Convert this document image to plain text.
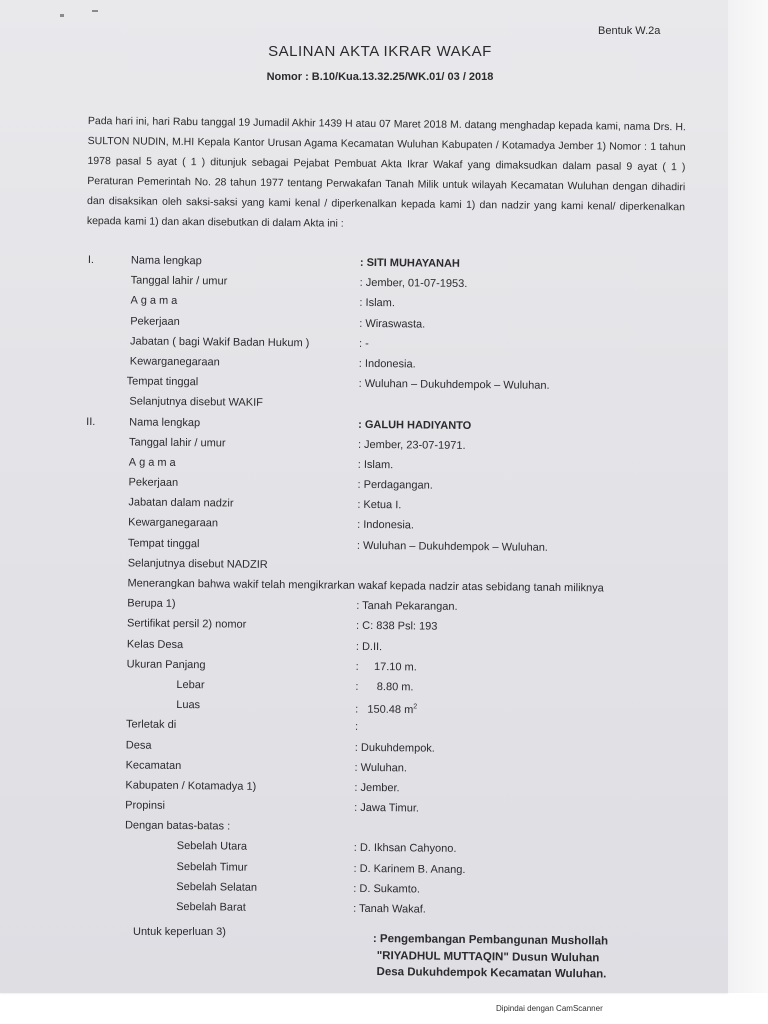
Bentuk W.2a
SALINAN AKTA IKRAR WAKAF
Nomor : B.10/Kua.13.32.25/WK.01/ 03 / 2018

Pada hari ini, hari Rabu tanggal 19 Jumadil Akhir 1439 H atau 07 Maret 2018 M. datang menghadap kepada kami, nama Drs. H. SULTON NUDIN, M.HI Kepala Kantor Urusan Agama Kecamatan Wuluhan Kabupaten / Kotamadya Jember 1) Nomor : 1 tahun 1978 pasal 5 ayat ( 1 ) ditunjuk sebagai Pejabat Pembuat Akta Ikrar Wakaf yang dimaksudkan dalam pasal 9 ayat ( 1 ) Peraturan Pemerintah No. 28 tahun 1977 tentang Perwakafan Tanah Milik untuk wilayah Kecamatan Wuluhan dengan dihadiri dan disaksikan oleh saksi-saksi yang kami kenal / diperkenalkan kepada kami 1) dan nadzir yang kami kenal/ diperkenalkan kepada kami 1) dan akan disebutkan di dalam Akta ini :

I.	Nama lengkap	: SITI MUHAYANAH
Tanggal lahir / umur	: Jember, 01-07-1953.
Agama	: Islam.
Pekerjaan	: Wiraswasta.
Jabatan ( bagi Wakif Badan Hukum )	: -
Kewarganegaraan	: Indonesia.
Tempat tinggal	: Wuluhan – Dukuhdempok – Wuluhan.
Selanjutnya disebut WAKIF
II.	Nama lengkap	: GALUH HADIYANTO
Tanggal lahir / umur	: Jember, 23-07-1971.
Agama	: Islam.
Pekerjaan	: Perdagangan.
Jabatan dalam nadzir	: Ketua I.
Kewarganegaraan	: Indonesia.
Tempat tinggal	: Wuluhan – Dukuhdempok – Wuluhan.
Selanjutnya disebut NADZIR
Menerangkan bahwa wakif telah mengikrarkan wakaf kepada nadzir atas sebidang tanah miliknya
Berupa 1)	: Tanah Pekarangan.
Sertifikat persil 2) nomor	: C: 838 Psl: 193
Kelas Desa	: D.II.
Ukuran Panjang	:     17.10 m.
Lebar	:      8.80 m.
Luas	:   150.48 $m^2$
Terletak di	:
Desa	: Dukuhdempok.
Kecamatan	: Wuluhan.
Kabupaten / Kotamadya 1)	: Jember.
Propinsi	: Jawa Timur.
Dengan batas-batas :
Sebelah Utara	: D. Ikhsan Cahyono.
Sebelah Timur	: D. Karinem B. Anang.
Sebelah Selatan	: D. Sukamto.
Sebelah Barat	: Tanah Wakaf.
Untuk keperluan 3)
: Pengembangan Pembangunan Musholla​h
"RIYADHUL MUTTAQIN" Dusun Wuluhan
Desa Dukuhdempok Kecamatan Wuluhan.
Dipindai dengan CamScanner
